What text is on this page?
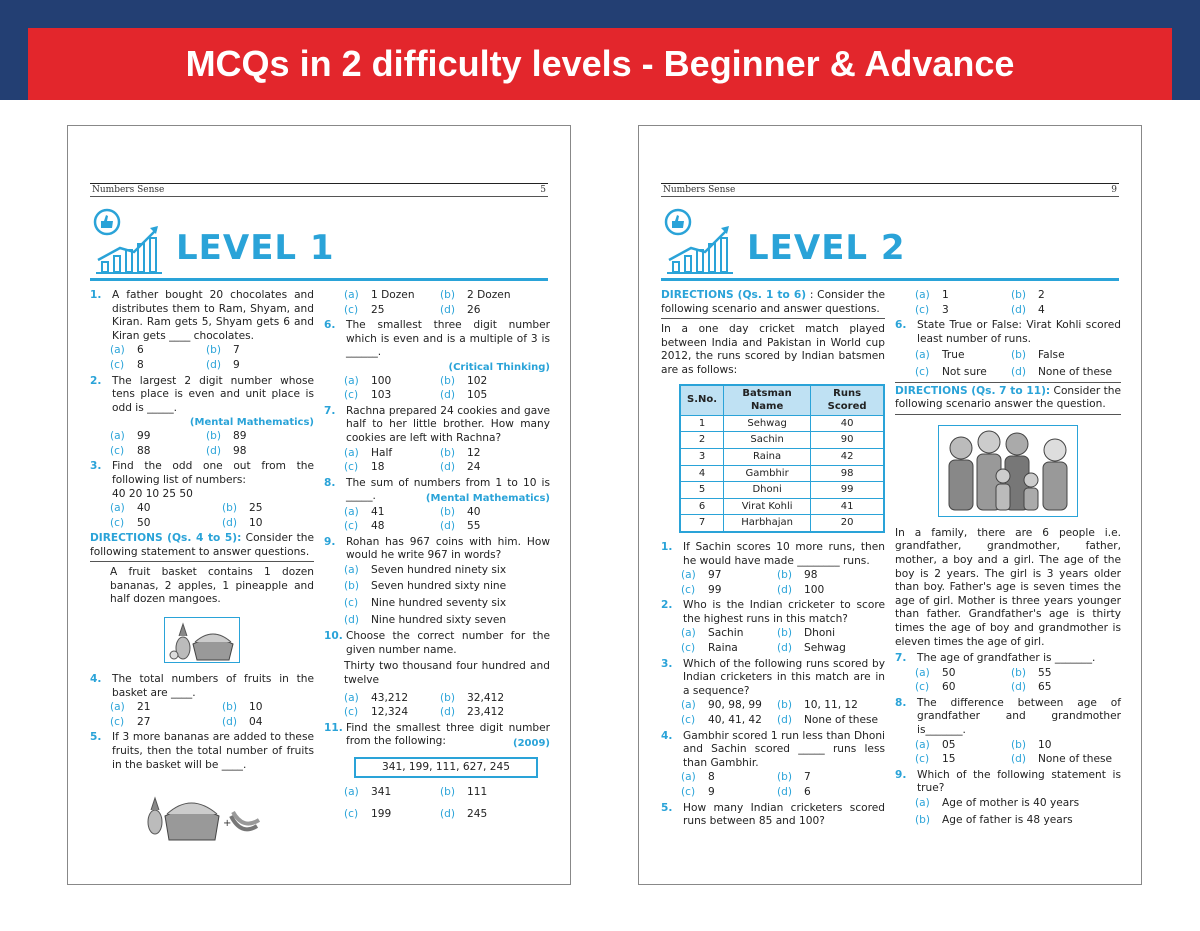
MCQs in 2 difficulty levels - Beginner & Advance
Numbers Sense	5
LEVEL 1
1. A father bought 20 chocolates and distributes them to Ram, Shyam, and Kiran. Ram gets 5, Shyam gets 6 and Kiran gets ____ chocolates.
(a)	6	(b)	7
(c)	8	(d)	9
2. The largest 2 digit number whose tens place is even and unit place is odd is _____.
(Mental Mathematics)
(a)	99	(b)	89
(c)	88	(d)	98
3. Find the odd one out from the following list of numbers:
40 20 10 25 50
(a)	40	(b)	25
(c)	50	(d)	10
DIRECTIONS (Qs. 4 to 5): Consider the following statement to answer questions.
A fruit basket contains 1 dozen bananas, 2 apples, 1 pineapple and half dozen mangoes.
4. The total numbers of fruits in the basket are ____.
(a)	21	(b)	10
(c)	27	(d)	04
5. If 3 more bananas are added to these fruits, then the total number of fruits in the basket will be ____.
+
(a)	1 Dozen (b)	2 Dozen
(c)	25	(d)	26
6. The smallest three digit number which is even and is a multiple of 3 is ______.
(Critical Thinking)
(a)	100	(b)	102
(c)	103	(d)	105
7. Rachna prepared 24 cookies and gave half to her little brother. How many cookies are left with Rachna?
(a)	Half	(b)	12
(c)	18	(d)	24
8. The sum of numbers from 1 to 10 is _____.	(Mental Mathematics)
(a)	41	(b)	40
(c)	48	(d)	55
9. Rohan has 967 coins with him. How would he write 967 in words?
(a)	Seven hundred ninety six
(b)	Seven hundred sixty nine
(c)	Nine hundred seventy six
(d)	Nine hundred sixty seven
10. Choose the correct number for the given number name.
Thirty two thousand four hundred and twelve
(a)	43,212	(b)	32,412
(c)	12,324	(d)	23,412
11. Find the smallest three digit number from the following:	(2009)
341, 199, 111, 627, 245
(a)	341	(b)	111
(c)	199	(d)	245
Numbers Sense	9
LEVEL 2
DIRECTIONS (Qs. 1 to 6) : Consider the following scenario and answer questions.
In a one day cricket match played between India and Pakistan in World cup 2012, the runs scored by Indian batsmen are as follows:
S.No.	Batsman Name	Runs Scored
1	Sehwag	40
2	Sachin	90
3	Raina	42
4	Gambhir	98
5	Dhoni	99
6	Virat Kohli	41
7	Harbhajan	20
1. If Sachin scores 10 more runs, then he would have made ________ runs.
(a)	97	(b)	98
(c)	99	(d)	100
2. Who is the Indian cricketer to score the highest runs in this match?
(a)	Sachin	(b)	Dhoni
(c)	Raina	(d)	Sehwag
3. Which of the following runs scored by Indian cricketers in this match are in a sequence?
(a)	90, 98, 99 (b)	10, 11, 12
(c)	40, 41, 42 (d)	None of these
4. Gambhir scored 1 run less than Dhoni and Sachin scored _____ runs less than Gambhir.
(a)	8	(b)	7
(c)	9	(d)	6
5. How many Indian cricketers scored runs between 85 and 100?
(a)	1	(b)	2
(c)	3	(d)	4
6. State True or False: Virat Kohli scored least number of runs.
(a)	True	(b)	False
(c)	Not sure (d)	None of these
DIRECTIONS (Qs. 7 to 11): Consider the following scenario answer the question.
In a family, there are 6 people i.e. grandfather, grandmother, father, mother, a boy and a girl. The age of the boy is 2 years. The girl is 3 years older than boy. Father's age is seven times the age of girl. Mother is three years younger than father. Grandfather's age is thirty times the age of boy and grandmother is eleven times the age of girl.
7. The age of grandfather is _______.
(a)	50	(b)	55
(c)	60	(d)	65
8. The difference between age of grandfather and grandmother is_______.
(a)	05	(b)	10
(c)	15	(d)	None of these
9. Which of the following statement is true?
(a)	Age of mother is 40 years
(b)	Age of father is 48 years
